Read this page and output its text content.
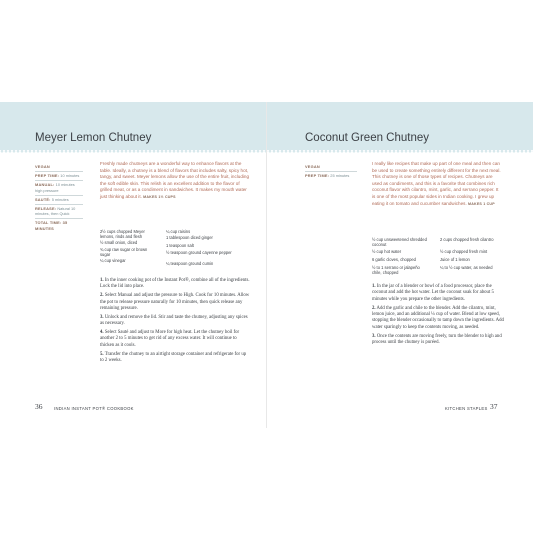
Meyer Lemon Chutney
VEGAN
PREP TIME: 10 minutes
MANUAL: 10 minutes high pressure
SAUTÉ: 5 minutes
RELEASE: Natural 10 minutes, then Quick
TOTAL TIME: 35 MINUTES
Freshly made chutneys are a wonderful way to enhance flavors at the table. Ideally, a chutney is a blend of flavors that includes salty, spicy hot, tangy, and sweet. Meyer lemons allow the use of the entire fruit, including the soft edible skin. This relish is an excellent addition to the flavor of grilled meat, or as a condiment in sandwiches. It makes my mouth water just thinking about it. MAKES 1½ CUPS
2½ cups chopped Meyer lemons, rinds and flesh
½ small onion, diced
¾ cup raw sugar or brown sugar
¼ cup vinegar
¼ cup raisins
1 tablespoon diced ginger
1 teaspoon salt
½ teaspoon ground cayenne pepper
¼ teaspoon ground cumin

1. In the inner cooking pot of the Instant Pot®, combine all of the ingredients. Lock the lid into place.

2. Select Manual and adjust the pressure to High. Cook for 10 minutes. Allow the pot to release pressure naturally for 10 minutes, then quick release any remaining pressure.

3. Unlock and remove the lid. Stir and taste the chutney, adjusting any spices as necessary.

4. Select Sauté and adjust to More for high heat. Let the chutney boil for another 2 to 5 minutes to get rid of any excess water. It will continue to thicken as it cools.

5. Transfer the chutney to an airtight storage container and refrigerate for up to 2 weeks.

36	INDIAN INSTANT POT® COOKBOOK
Coconut Green Chutney
VEGAN
PREP TIME: 25 minutes
I really like recipes that make up part of one meal and then can be used to create something entirely different for the next meal. This chutney is one of those types of recipes. Chutneys are used as condiments, and this is a favorite that combines rich coconut flavor with cilantro, mint, garlic, and serrano pepper. It is one of the most popular sides in Indian cooking. I grew up eating it on tomato and cucumber sandwiches. MAKES 1 CUP
½ cup unsweetened shredded coconut
½ cup hot water
6 garlic cloves, chopped
½ to 1 serrano or jalapeño chile, chopped
2 cups chopped fresh cilantro
½ cup chopped fresh mint
Juice of 1 lemon
¼ to ½ cup water, as needed

1. In the jar of a blender or bowl of a food processor, place the coconut and add the hot water. Let the coconut soak for about 5 minutes while you prepare the other ingredients.

2. Add the garlic and chile to the blender. Add the cilantro, mint, lemon juice, and an additional ¼ cup of water. Blend at low speed, stopping the blender occasionally to tamp down the ingredients. Add water sparingly to keep the contents moving, as needed.

3. Once the contents are moving freely, turn the blender to high and process until the chutney is puréed.

KITCHEN STAPLES 37
